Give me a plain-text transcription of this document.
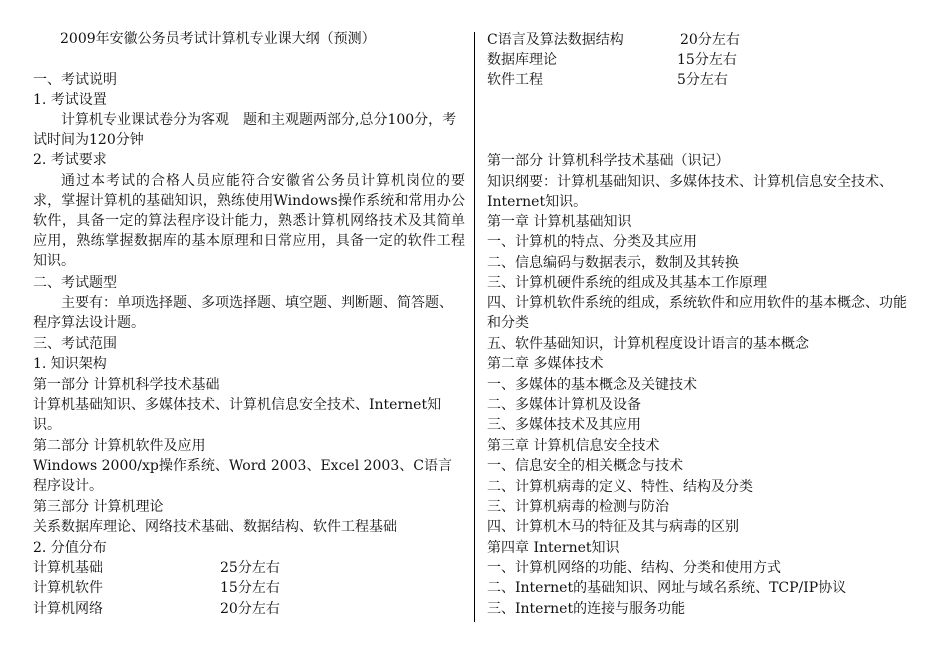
2009年安徽公务员考试计算机专业课大纲（预测）
一、考试说明
1. 考试设置
计算机专业课试卷分为客观　题和主观题两部分,总分100分，考试时间为120分钟
2. 考试要求
通过本考试的合格人员应能符合安徽省公务员计算机岗位的要求，掌握计算机的基础知识，熟练使用Windows操作系统和常用办公软件，具备一定的算法程序设计能力，熟悉计算机网络技术及其简单应用，熟练掌握数据库的基本原理和日常应用，具备一定的软件工程知识。
二、考试题型
主要有：单项选择题、多项选择题、填空题、判断题、简答题、程序算法设计题。
三、考试范围
1. 知识架构
第一部分 计算机科学技术基础
计算机基础知识、多媒体技术、计算机信息安全技术、Internet知识。
第二部分 计算机软件及应用
Windows 2000/xp操作系统、Word 2003、Excel 2003、C语言程序设计。
第三部分 计算机理论
关系数据库理论、网络技术基础、数据结构、软件工程基础
2. 分值分布
计算机基础	25分左右
计算机软件	15分左右
计算机网络	20分左右
C语言及算法数据结构	20分左右
数据库理论	15分左右
软件工程	5分左右
第一部分 计算机科学技术基础（识记）
知识纲要：计算机基础知识、多媒体技术、计算机信息安全技术、Internet知识。
第一章 计算机基础知识
一、计算机的特点、分类及其应用
二、信息编码与数据表示，数制及其转换
三、计算机硬件系统的组成及其基本工作原理
四、计算机软件系统的组成，系统软件和应用软件的基本概念、功能和分类
五、软件基础知识，计算机程度设计语言的基本概念
第二章 多媒体技术
一、多媒体的基本概念及关键技术
二、多媒体计算机及设备
三、多媒体技术及其应用
第三章 计算机信息安全技术
一、信息安全的相关概念与技术
二、计算机病毒的定义、特性、结构及分类
三、计算机病毒的检测与防治
四、计算机木马的特征及其与病毒的区别
第四章 Internet知识
一、计算机网络的功能、结构、分类和使用方式
二、Internet的基础知识、网址与域名系统、TCP/IP协议
三、Internet的连接与服务功能
